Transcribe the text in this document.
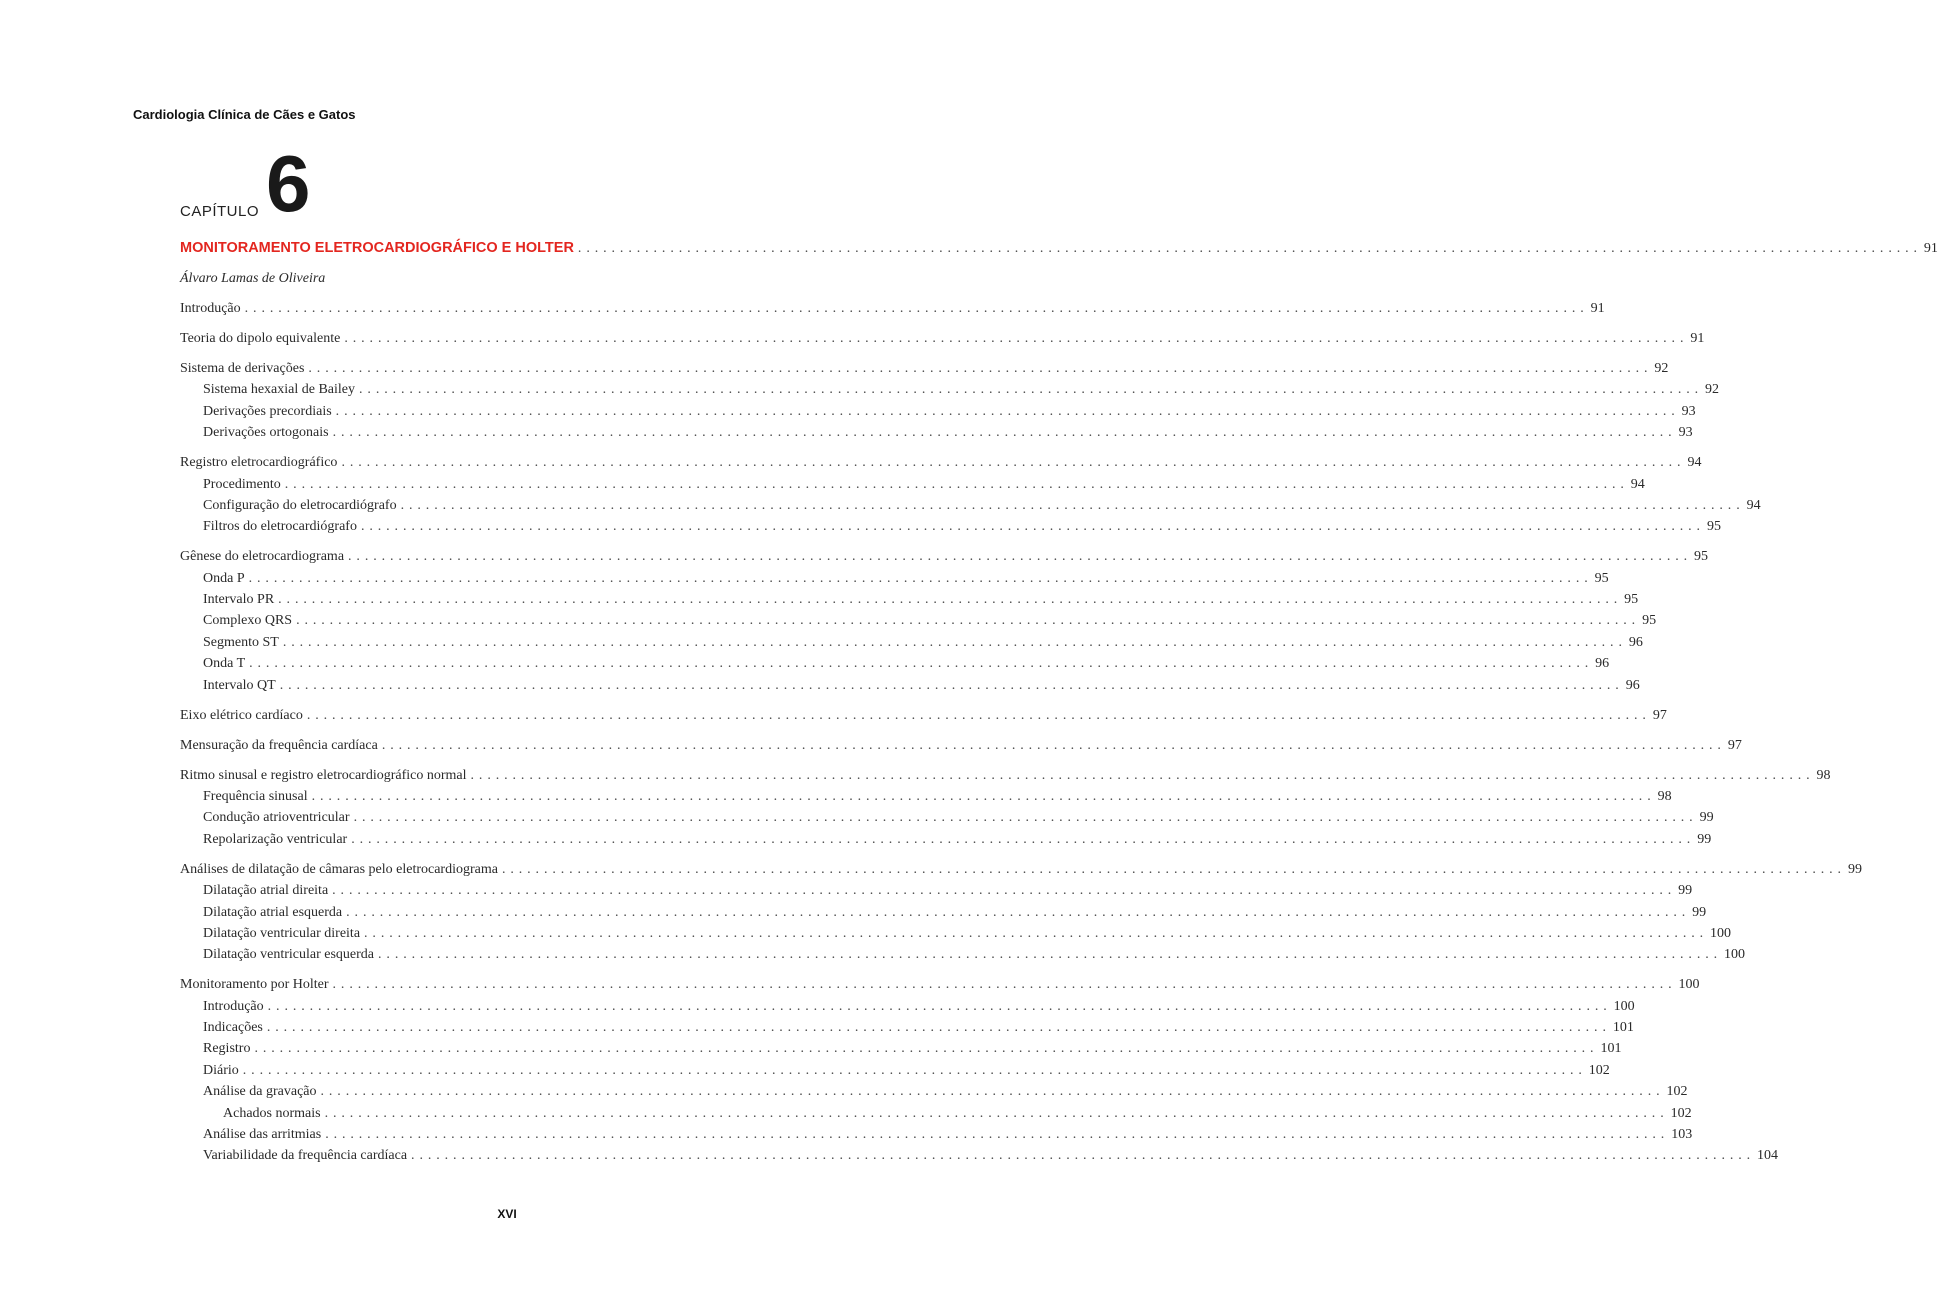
Cardiologia Clínica de Cães e Gatos
CAPÍTULO 6
MONITORAMENTO ELETROCARDIOGRÁFICO E HOLTER ................................................................................................................................................................ 91
Álvaro Lamas de Oliveira
Introdução ................................................................................................................................................................ 91
Teoria do dipolo equivalente ................................................................................................................................................................ 91
Sistema de derivações ................................................................................................................................................................ 92
Sistema hexaxial de Bailey ................................................................................................................................................................ 92
Derivações precordiais ................................................................................................................................................................ 93
Derivações ortogonais ................................................................................................................................................................ 93
Registro eletrocardiográfico ................................................................................................................................................................ 94
Procedimento ................................................................................................................................................................ 94
Configuração do eletrocardiógrafo ................................................................................................................................................................ 94
Filtros do eletrocardiógrafo ................................................................................................................................................................ 95
Gênese do eletrocardiograma ................................................................................................................................................................ 95
Onda P ................................................................................................................................................................ 95
Intervalo PR ................................................................................................................................................................ 95
Complexo QRS ................................................................................................................................................................ 95
Segmento ST ................................................................................................................................................................ 96
Onda T ................................................................................................................................................................ 96
Intervalo QT ................................................................................................................................................................ 96
Eixo elétrico cardíaco ................................................................................................................................................................ 97
Mensuração da frequência cardíaca ................................................................................................................................................................ 97
Ritmo sinusal e registro eletrocardiográfico normal ................................................................................................................................................................ 98
Frequência sinusal ................................................................................................................................................................ 98
Condução atrioventricular ................................................................................................................................................................ 99
Repolarização ventricular ................................................................................................................................................................ 99
Análises de dilatação de câmaras pelo eletrocardiograma ................................................................................................................................................................ 99
Dilatação atrial direita ................................................................................................................................................................ 99
Dilatação atrial esquerda ................................................................................................................................................................ 99
Dilatação ventricular direita ................................................................................................................................................................ 100
Dilatação ventricular esquerda ................................................................................................................................................................ 100
Monitoramento por Holter ................................................................................................................................................................ 100
Introdução ................................................................................................................................................................ 100
Indicações ................................................................................................................................................................ 101
Registro ................................................................................................................................................................ 101
Diário ................................................................................................................................................................ 102
Análise da gravação ................................................................................................................................................................ 102
Achados normais ................................................................................................................................................................ 102
Análise das arritmias ................................................................................................................................................................ 103
Variabilidade da frequência cardíaca ................................................................................................................................................................ 104
XVI
